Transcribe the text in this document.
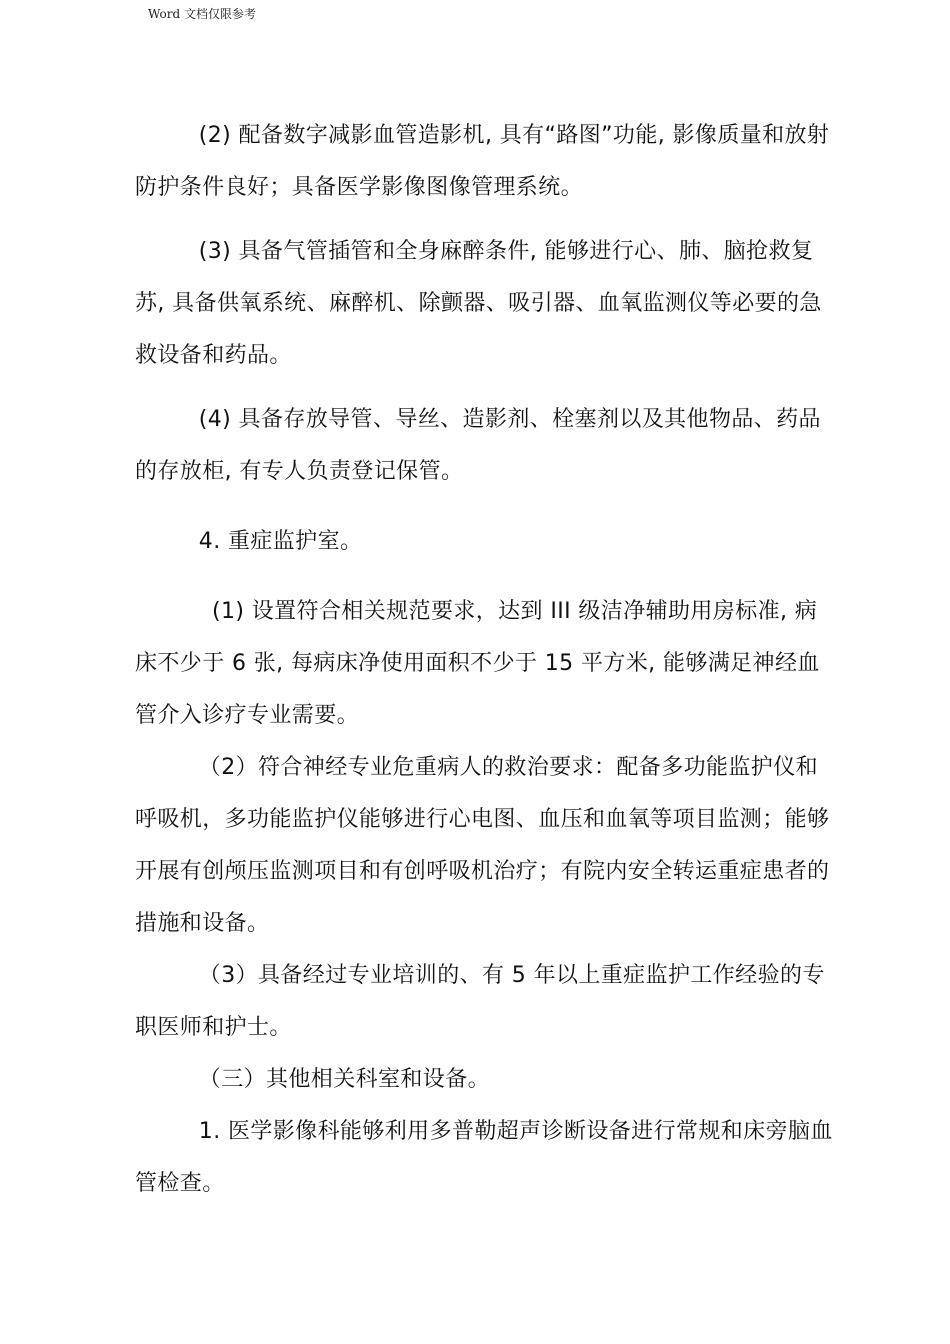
Word 文档仅限参考

(2) 配备数字减影血管造影机, 具有“路图”功能, 影像质量和放射防护条件良好；具备医学影像图像管理系统。

(3) 具备气管插管和全身麻醉条件, 能够进行心、肺、脑抢救复苏, 具备供氧系统、麻醉机、除颤器、吸引器、血氧监测仪等必要的急救设备和药品。

(4) 具备存放导管、导丝、造影剂、栓塞剂以及其他物品、药品的存放柜, 有专人负责登记保管。

4. 重症监护室。

(1) 设置符合相关规范要求，达到 III 级洁净辅助用房标准, 病床不少于 6 张, 每病床净使用面积不少于 15 平方米, 能够满足神经血管介入诊疗专业需要。

（2）符合神经专业危重病人的救治要求：配备多功能监护仪和呼吸机，多功能监护仪能够进行心电图、血压和血氧等项目监测；能够开展有创颅压监测项目和有创呼吸机治疗；有院内安全转运重症患者的措施和设备。

（3）具备经过专业培训的、有 5 年以上重症监护工作经验的专职医师和护士。

（三）其他相关科室和设备。

1. 医学影像科能够利用多普勒超声诊断设备进行常规和床旁脑血管检查。
